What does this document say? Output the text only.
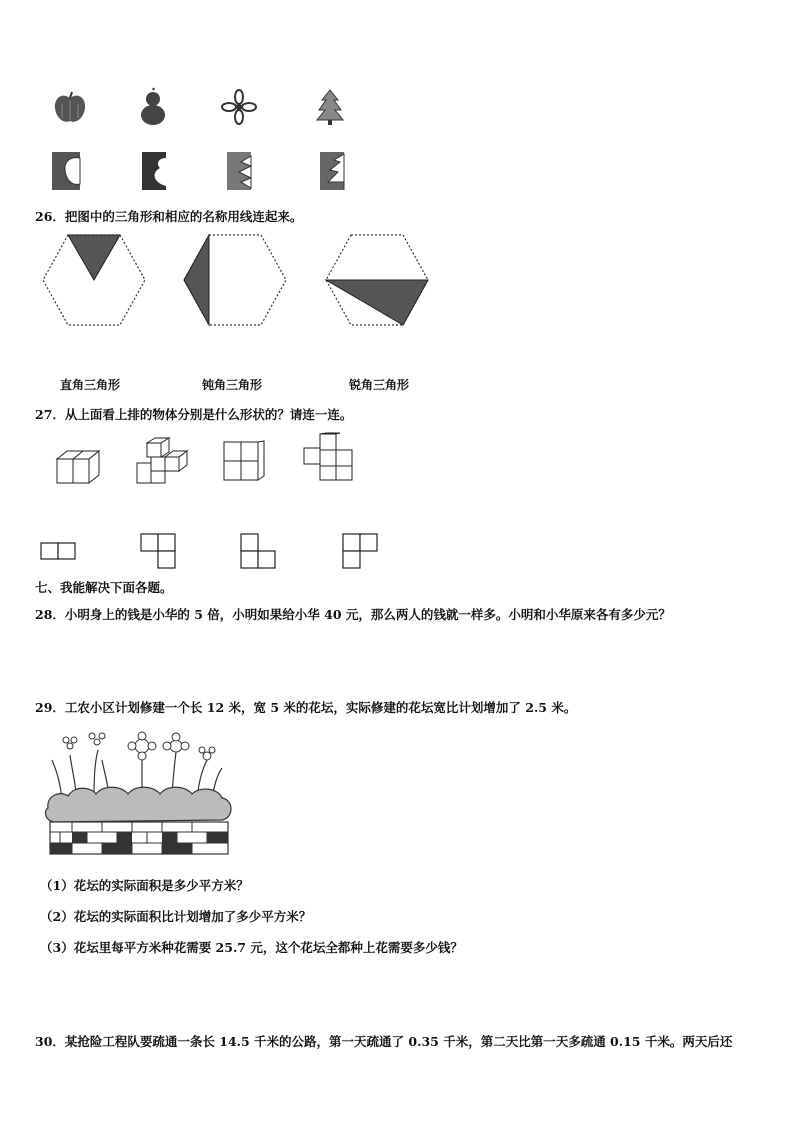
26．把图中的三角形和相应的名称用线连起来。
直角三角形	钝角三角形	锐角三角形
27．从上面看上排的物体分别是什么形状的？请连一连。
七、我能解决下面各题。
28．小明身上的钱是小华的 5 倍，小明如果给小华 40 元，那么两人的钱就一样多。小明和小华原来各有多少元？
29．工农小区计划修建一个长 12 米，宽 5 米的花坛，实际修建的花坛宽比计划增加了 2.5 米。
（1）花坛的实际面积是多少平方米？
（2）花坛的实际面积比计划增加了多少平方米？
（3）花坛里每平方米种花需要 25.7 元，这个花坛全都种上花需要多少钱？
30．某抢险工程队要疏通一条长 14.5 千米的公路，第一天疏通了 0.35 千米，第二天比第一天多疏通 0.15 千米。两天后还
